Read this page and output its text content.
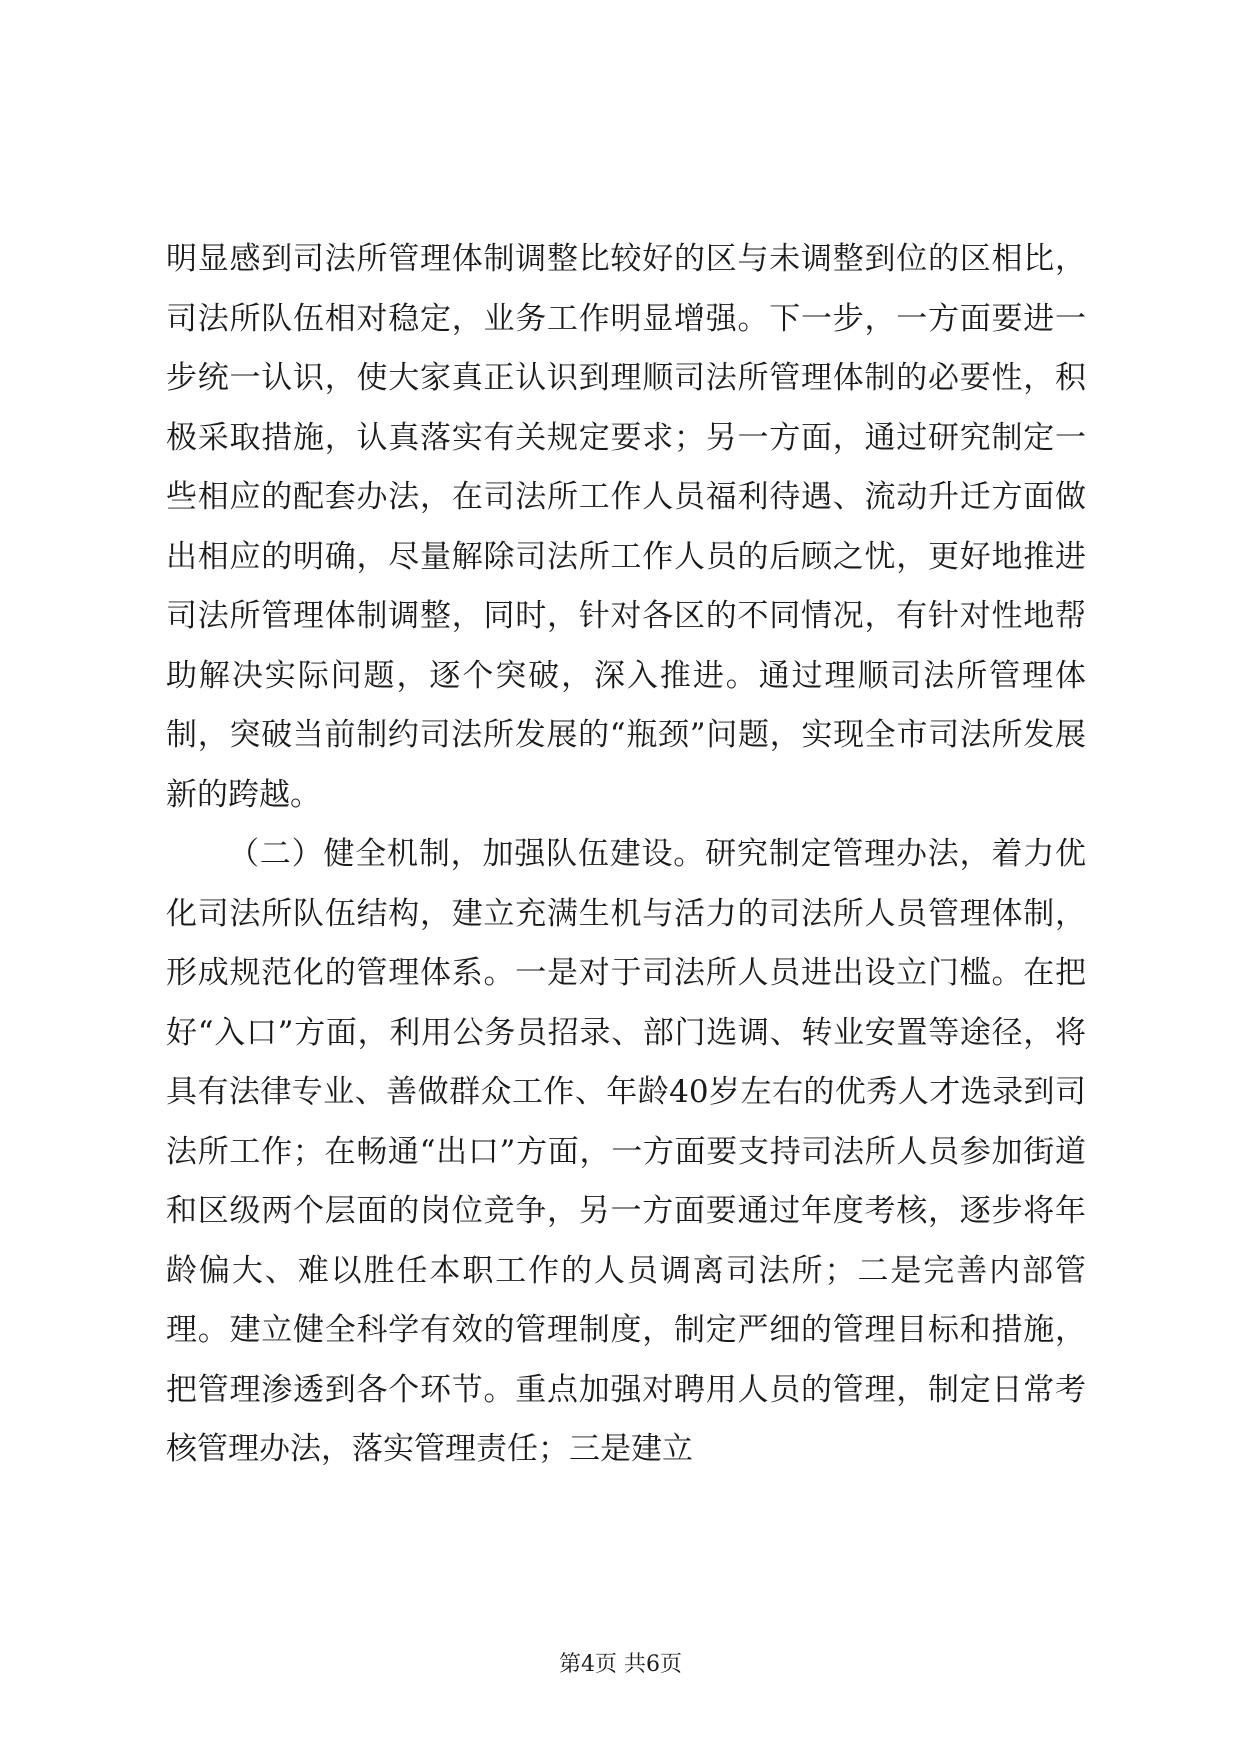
明显感到司法所管理体制调整比较好的区与未调整到位的区相比，司法所队伍相对稳定，业务工作明显增强。下一步，一方面要进一步统一认识，使大家真正认识到理顺司法所管理体制的必要性，积极采取措施，认真落实有关规定要求；另一方面，通过研究制定一些相应的配套办法，在司法所工作人员福利待遇、流动升迁方面做出相应的明确，尽量解除司法所工作人员的后顾之忧，更好地推进司法所管理体制调整，同时，针对各区的不同情况，有针对性地帮助解决实际问题，逐个突破，深入推进。通过理顺司法所管理体制，突破当前制约司法所发展的“瓶颈”问题，实现全市司法所发展新的跨越。

（二）健全机制，加强队伍建设。研究制定管理办法，着力优化司法所队伍结构，建立充满生机与活力的司法所人员管理体制，形成规范化的管理体系。一是对于司法所人员进出设立门槛。在把好“入口”方面，利用公务员招录、部门选调、转业安置等途径，将具有法律专业、善做群众工作、年龄40岁左右的优秀人才选录到司法所工作；在畅通“出口”方面，一方面要支持司法所人员参加街道和区级两个层面的岗位竞争，另一方面要通过年度考核，逐步将年龄偏大、难以胜任本职工作的人员调离司法所；二是完善内部管理。建立健全科学有效的管理制度，制定严细的管理目标和措施，把管理渗透到各个环节。重点加强对聘用人员的管理，制定日常考核管理办法，落实管理责任；三是建立

第4页 共6页
